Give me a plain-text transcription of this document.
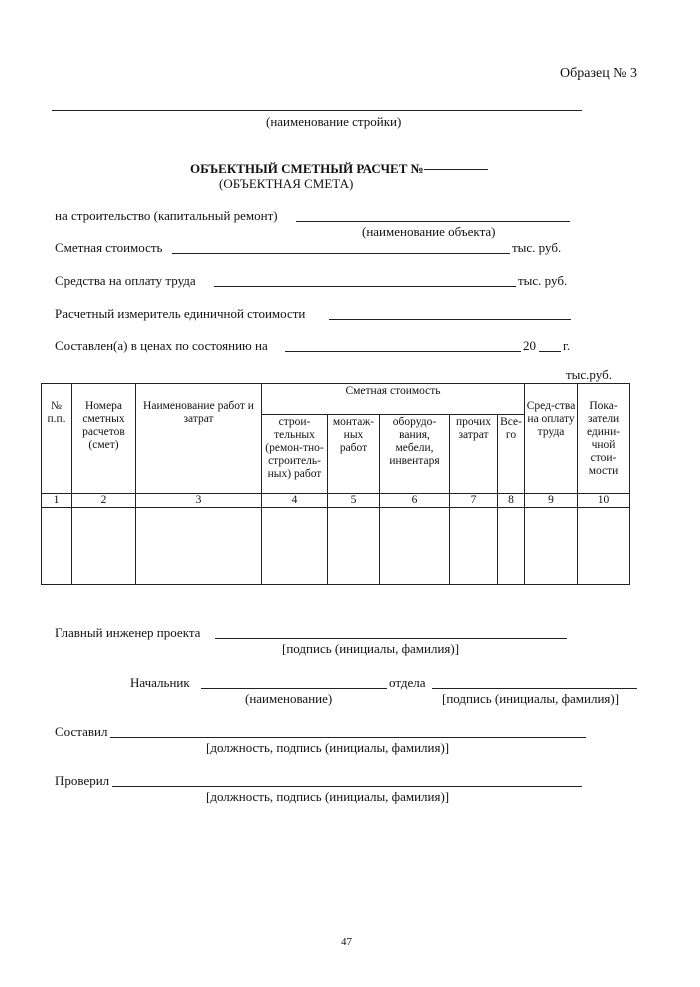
Образец № 3
(наименование стройки)
ОБЪЕКТНЫЙ СМЕТНЫЙ РАСЧЕТ №
(ОБЪЕКТНАЯ СМЕТА)
на строительство (капитальный ремонт)
(наименование объекта)
Сметная стоимость	тыс. руб.
Средства на оплату труда	тыс. руб.
Расчетный измеритель единичной стоимости
Составлен(а) в ценах по состоянию на	20 г.
тыс.руб.
№ п.п.	Номера сметных расчетов (смет)	Наименование работ и затрат	Сметная стоимость					Сред-ства на оплату труда	Пока-затели едини-чной стои-мости
			строи-тельных (ремон-тно-строитель-ных) работ	монтаж-ных работ	оборудо-вания, мебели, инвентаря	прочих затрат	Все-го		
1	2	3	4	5	6	7	8	9	10

Главный инженер проекта
[подпись (инициалы, фамилия)]
Начальник	отдела
(наименование)	[подпись (инициалы, фамилия)]
Составил
[должность, подпись (инициалы, фамилия)]
Проверил
[должность, подпись (инициалы, фамилия)]
47
